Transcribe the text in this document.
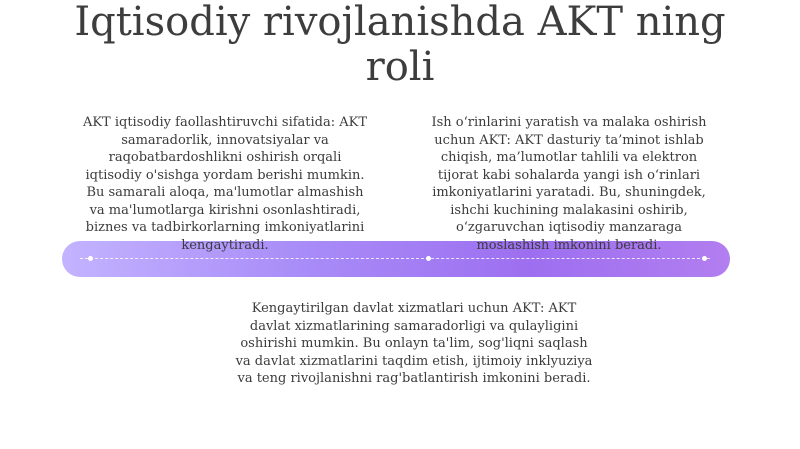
Iqtisodiy rivojlanishda AKT ning roli

AKT iqtisodiy faollashtiruvchi sifatida: AKT samaradorlik, innovatsiyalar va raqobatbardoshlikni oshirish orqali iqtisodiy o'sishga yordam berishi mumkin. Bu samarali aloqa, ma'lumotlar almashish va ma'lumotlarga kirishni osonlashtiradi, biznes va tadbirkorlarning imkoniyatlarini kengaytiradi.

Ish o‘rinlarini yaratish va malaka oshirish uchun AKT: AKT dasturiy ta’minot ishlab chiqish, ma’lumotlar tahlili va elektron tijorat kabi sohalarda yangi ish o‘rinlari imkoniyatlarini yaratadi. Bu, shuningdek, ishchi kuchining malakasini oshirib, o‘zgaruvchan iqtisodiy manzaraga moslashish imkonini beradi.

Kengaytirilgan davlat xizmatlari uchun AKT: AKT davlat xizmatlarining samaradorligi va qulayligini oshirishi mumkin. Bu onlayn ta'lim, sog'liqni saqlash va davlat xizmatlarini taqdim etish, ijtimoiy inklyuziya va teng rivojlanishni rag'batlantirish imkonini beradi.
